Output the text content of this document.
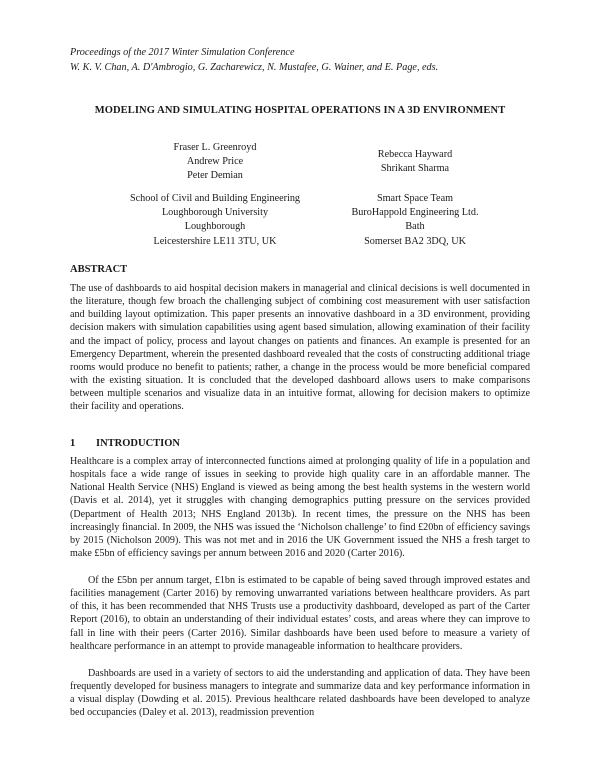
Proceedings of the 2017 Winter Simulation Conference
W. K. V. Chan, A. D'Ambrogio, G. Zacharewicz, N. Mustafee, G. Wainer, and E. Page, eds.
MODELING AND SIMULATING HOSPITAL OPERATIONS IN A 3D ENVIRONMENT
Fraser L. Greenroyd
Andrew Price
Peter Demian
Rebecca Hayward
Shrikant Sharma
School of Civil and Building Engineering
Loughborough University
Loughborough
Leicestershire LE11 3TU, UK
Smart Space Team
BuroHappold Engineering Ltd.
Bath
Somerset BA2 3DQ, UK
ABSTRACT

The use of dashboards to aid hospital decision makers in managerial and clinical decisions is well documented in the literature, though few broach the challenging subject of combining cost measurement with user satisfaction and building layout optimization. This paper presents an innovative dashboard in a 3D environment, providing decision makers with simulation capabilities using agent based simulation, allowing examination of their facility and the impact of policy, process and layout changes on patients and finances. An example is presented for an Emergency Department, wherein the presented dashboard revealed that the costs of constructing additional triage rooms would produce no benefit to patients; rather, a change in the process would be more beneficial compared with the existing situation. It is concluded that the developed dashboard allows users to make comparisons between multiple scenarios and visualize data in an intuitive format, allowing for decision makers to optimize their facility and operations.

1 INTRODUCTION

Healthcare is a complex array of interconnected functions aimed at prolonging quality of life in a population and hospitals face a wide range of issues in seeking to provide high quality care in an affordable manner. The National Health Service (NHS) England is viewed as being among the best health systems in the western world (Davis et al. 2014), yet it struggles with changing demographics putting pressure on the services provided (Department of Health 2013; NHS England 2013b). In recent times, the pressure on the NHS has been increasingly financial. In 2009, the NHS was issued the ‘Nicholson challenge’ to find £20bn of efficiency savings by 2015 (Nicholson 2009). This was not met and in 2016 the UK Government issued the NHS a fresh target to make £5bn of efficiency savings per annum between 2016 and 2020 (Carter 2016).

Of the £5bn per annum target, £1bn is estimated to be capable of being saved through improved estates and facilities management (Carter 2016) by removing unwarranted variations between healthcare providers. As part of this, it has been recommended that NHS Trusts use a productivity dashboard, developed as part of the Carter Report (2016), to obtain an understanding of their individual estates’ costs, and areas where they can improve to fall in line with their peers (Carter 2016). Similar dashboards have been used before to measure a variety of healthcare performance in an attempt to provide manageable information to healthcare providers.

Dashboards are used in a variety of sectors to aid the understanding and application of data. They have been frequently developed for business managers to integrate and summarize data and key performance information in a visual display (Dowding et al. 2015). Previous healthcare related dashboards have been developed to analyze bed occupancies (Daley et al. 2013), readmission prevention
